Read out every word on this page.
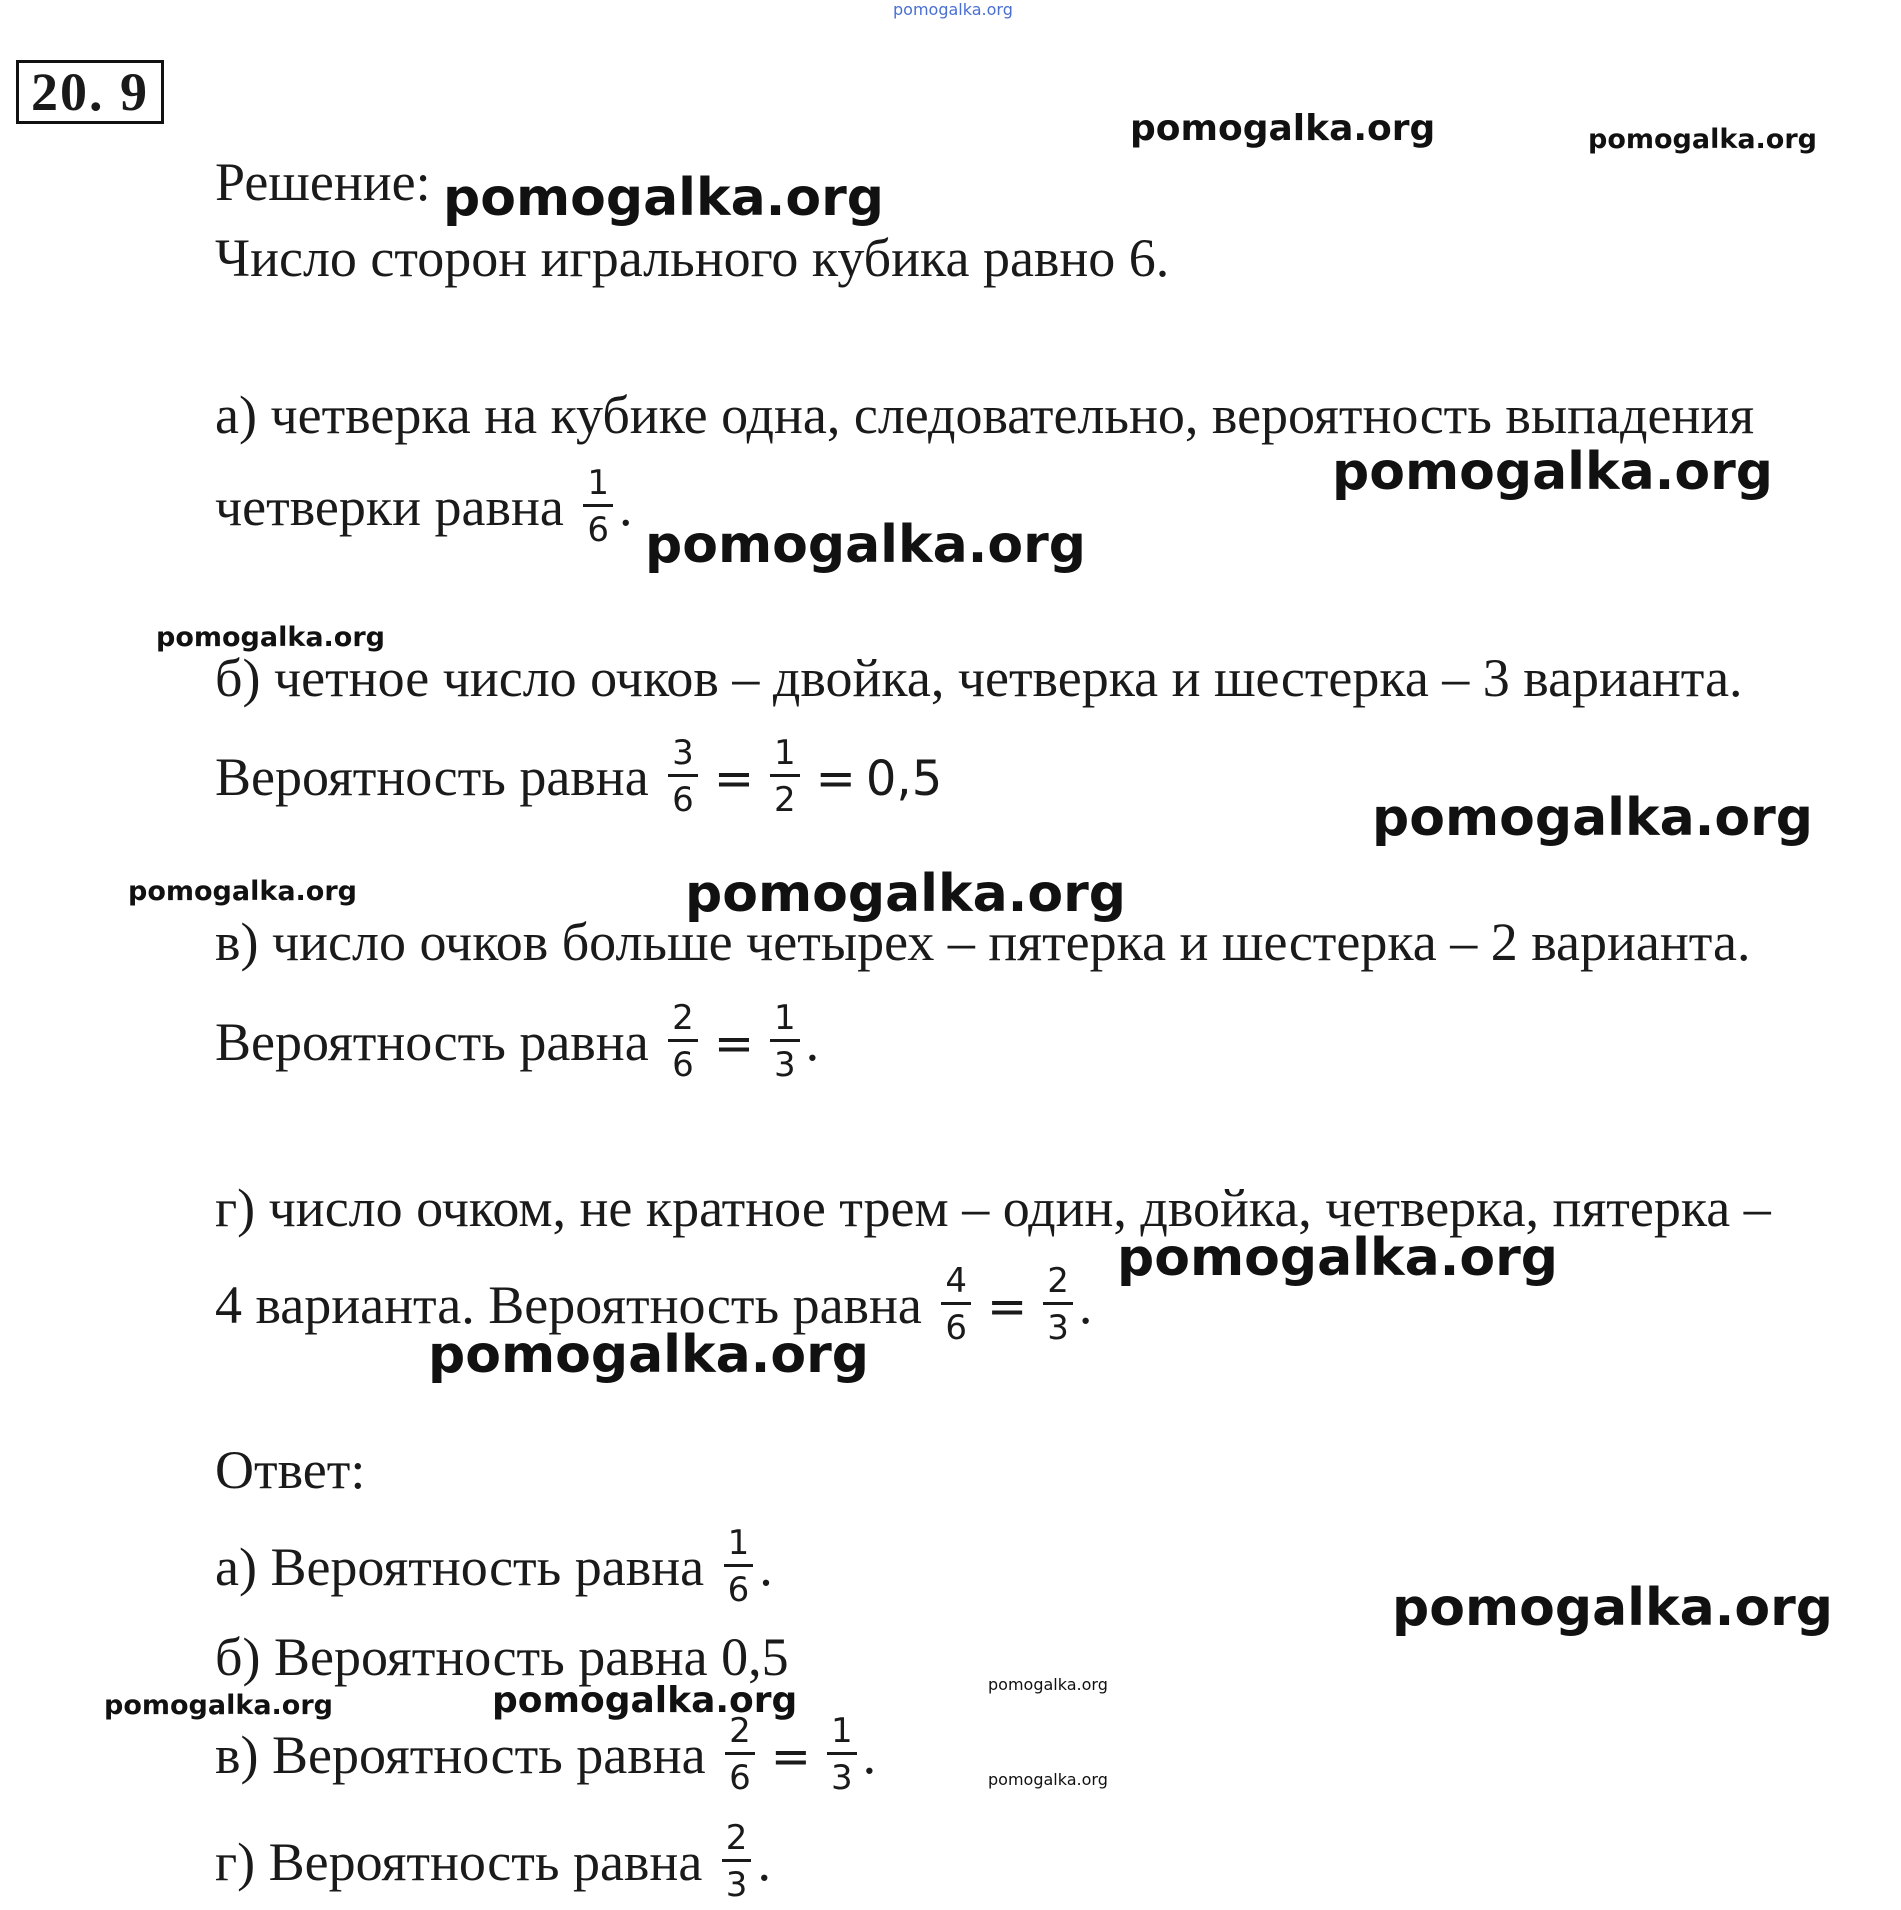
pomogalka.org
20. 9
Решение:
Число сторон игрального кубика равно 6.
а) четверка на кубике одна, следовательно, вероятность выпадения
четверки равна $\frac{1}{6}$ .
б) четное число очков – двойка, четверка и шестерка – 3 варианта.
Вероятность равна $\frac{3}{6} = \frac{1}{2} = 0,5$
в) число очков больше четырех – пятерка и шестерка – 2 варианта.
Вероятность равна $\frac{2}{6} = \frac{1}{3}$ .
г) число очком, не кратное трем – один, двойка, четверка, пятерка –
4 варианта. Вероятность равна $\frac{4}{6} = \frac{2}{3}$ .
Ответ:
а) Вероятность равна $\frac{1}{6}$ .
б) Вероятность равна 0,5
в) Вероятность равна $\frac{2}{6} = \frac{1}{3}$ .
г) Вероятность равна $\frac{2}{3}$ .
pomogalka.org	pomogalka.org
pomogalka.org
pomogalka.org
pomogalka.org
pomogalka.org
pomogalka.org
pomogalka.org	pomogalka.org
pomogalka.org
pomogalka.org
pomogalka.org
pomogalka.org
pomogalka.org	pomogalka.org
pomogalka.org
